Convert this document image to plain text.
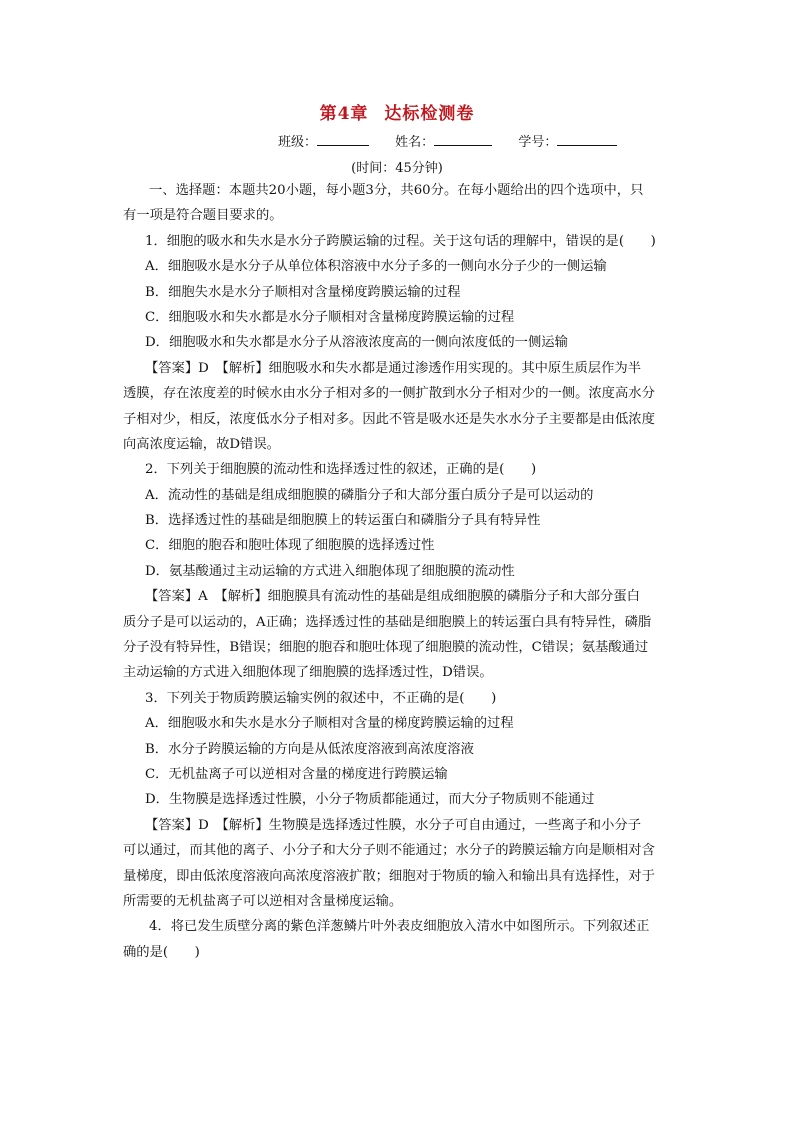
第4章 达标检测卷
班级：	姓名：	学号：
(时间：45分钟)
一、选择题：本题共20小题，每小题3分，共60分。在每小题给出的四个选项中，只
有一项是符合题目要求的。
1．细胞的吸水和失水是水分子跨膜运输的过程。关于这句话的理解中，错误的是(　　)
A．细胞吸水是水分子从单位体积溶液中水分子多的一侧向水分子少的一侧运输
B．细胞失水是水分子顺相对含量梯度跨膜运输的过程
C．细胞吸水和失水都是水分子顺相对含量梯度跨膜运输的过程
D．细胞吸水和失水都是水分子从溶液浓度高的一侧向浓度低的一侧运输
【答案】D　【解析】细胞吸水和失水都是通过渗透作用实现的。其中原生质层作为半
透膜，存在浓度差的时候水由水分子相对多的一侧扩散到水分子相对少的一侧。浓度高水分
子相对少，相反，浓度低水分子相对多。因此不管是吸水还是失水水分子主要都是由低浓度
向高浓度运输，故D错误。
2．下列关于细胞膜的流动性和选择透过性的叙述，正确的是(　　)
A．流动性的基础是组成细胞膜的磷脂分子和大部分蛋白质分子是可以运动的
B．选择透过性的基础是细胞膜上的转运蛋白和磷脂分子具有特异性
C．细胞的胞吞和胞吐体现了细胞膜的选择透过性
D．氨基酸通过主动运输的方式进入细胞体现了细胞膜的流动性
【答案】A　【解析】细胞膜具有流动性的基础是组成细胞膜的磷脂分子和大部分蛋白
质分子是可以运动的，A正确；选择透过性的基础是细胞膜上的转运蛋白具有特异性，磷脂
分子没有特异性，B错误；细胞的胞吞和胞吐体现了细胞膜的流动性，C错误；氨基酸通过
主动运输的方式进入细胞体现了细胞膜的选择透过性，D错误。
3．下列关于物质跨膜运输实例的叙述中，不正确的是(　　)
A．细胞吸水和失水是水分子顺相对含量的梯度跨膜运输的过程
B．水分子跨膜运输的方向是从低浓度溶液到高浓度溶液
C．无机盐离子可以逆相对含量的梯度进行跨膜运输
D．生物膜是选择透过性膜，小分子物质都能通过，而大分子物质则不能通过
【答案】D　【解析】生物膜是选择透过性膜，水分子可自由通过，一些离子和小分子
可以通过，而其他的离子、小分子和大分子则不能通过；水分子的跨膜运输方向是顺相对含
量梯度，即由低浓度溶液向高浓度溶液扩散；细胞对于物质的输入和输出具有选择性，对于
所需要的无机盐离子可以逆相对含量梯度运输。
4．将已发生质壁分离的紫色洋葱鳞片叶外表皮细胞放入清水中如图所示。下列叙述正
确的是(　　)
